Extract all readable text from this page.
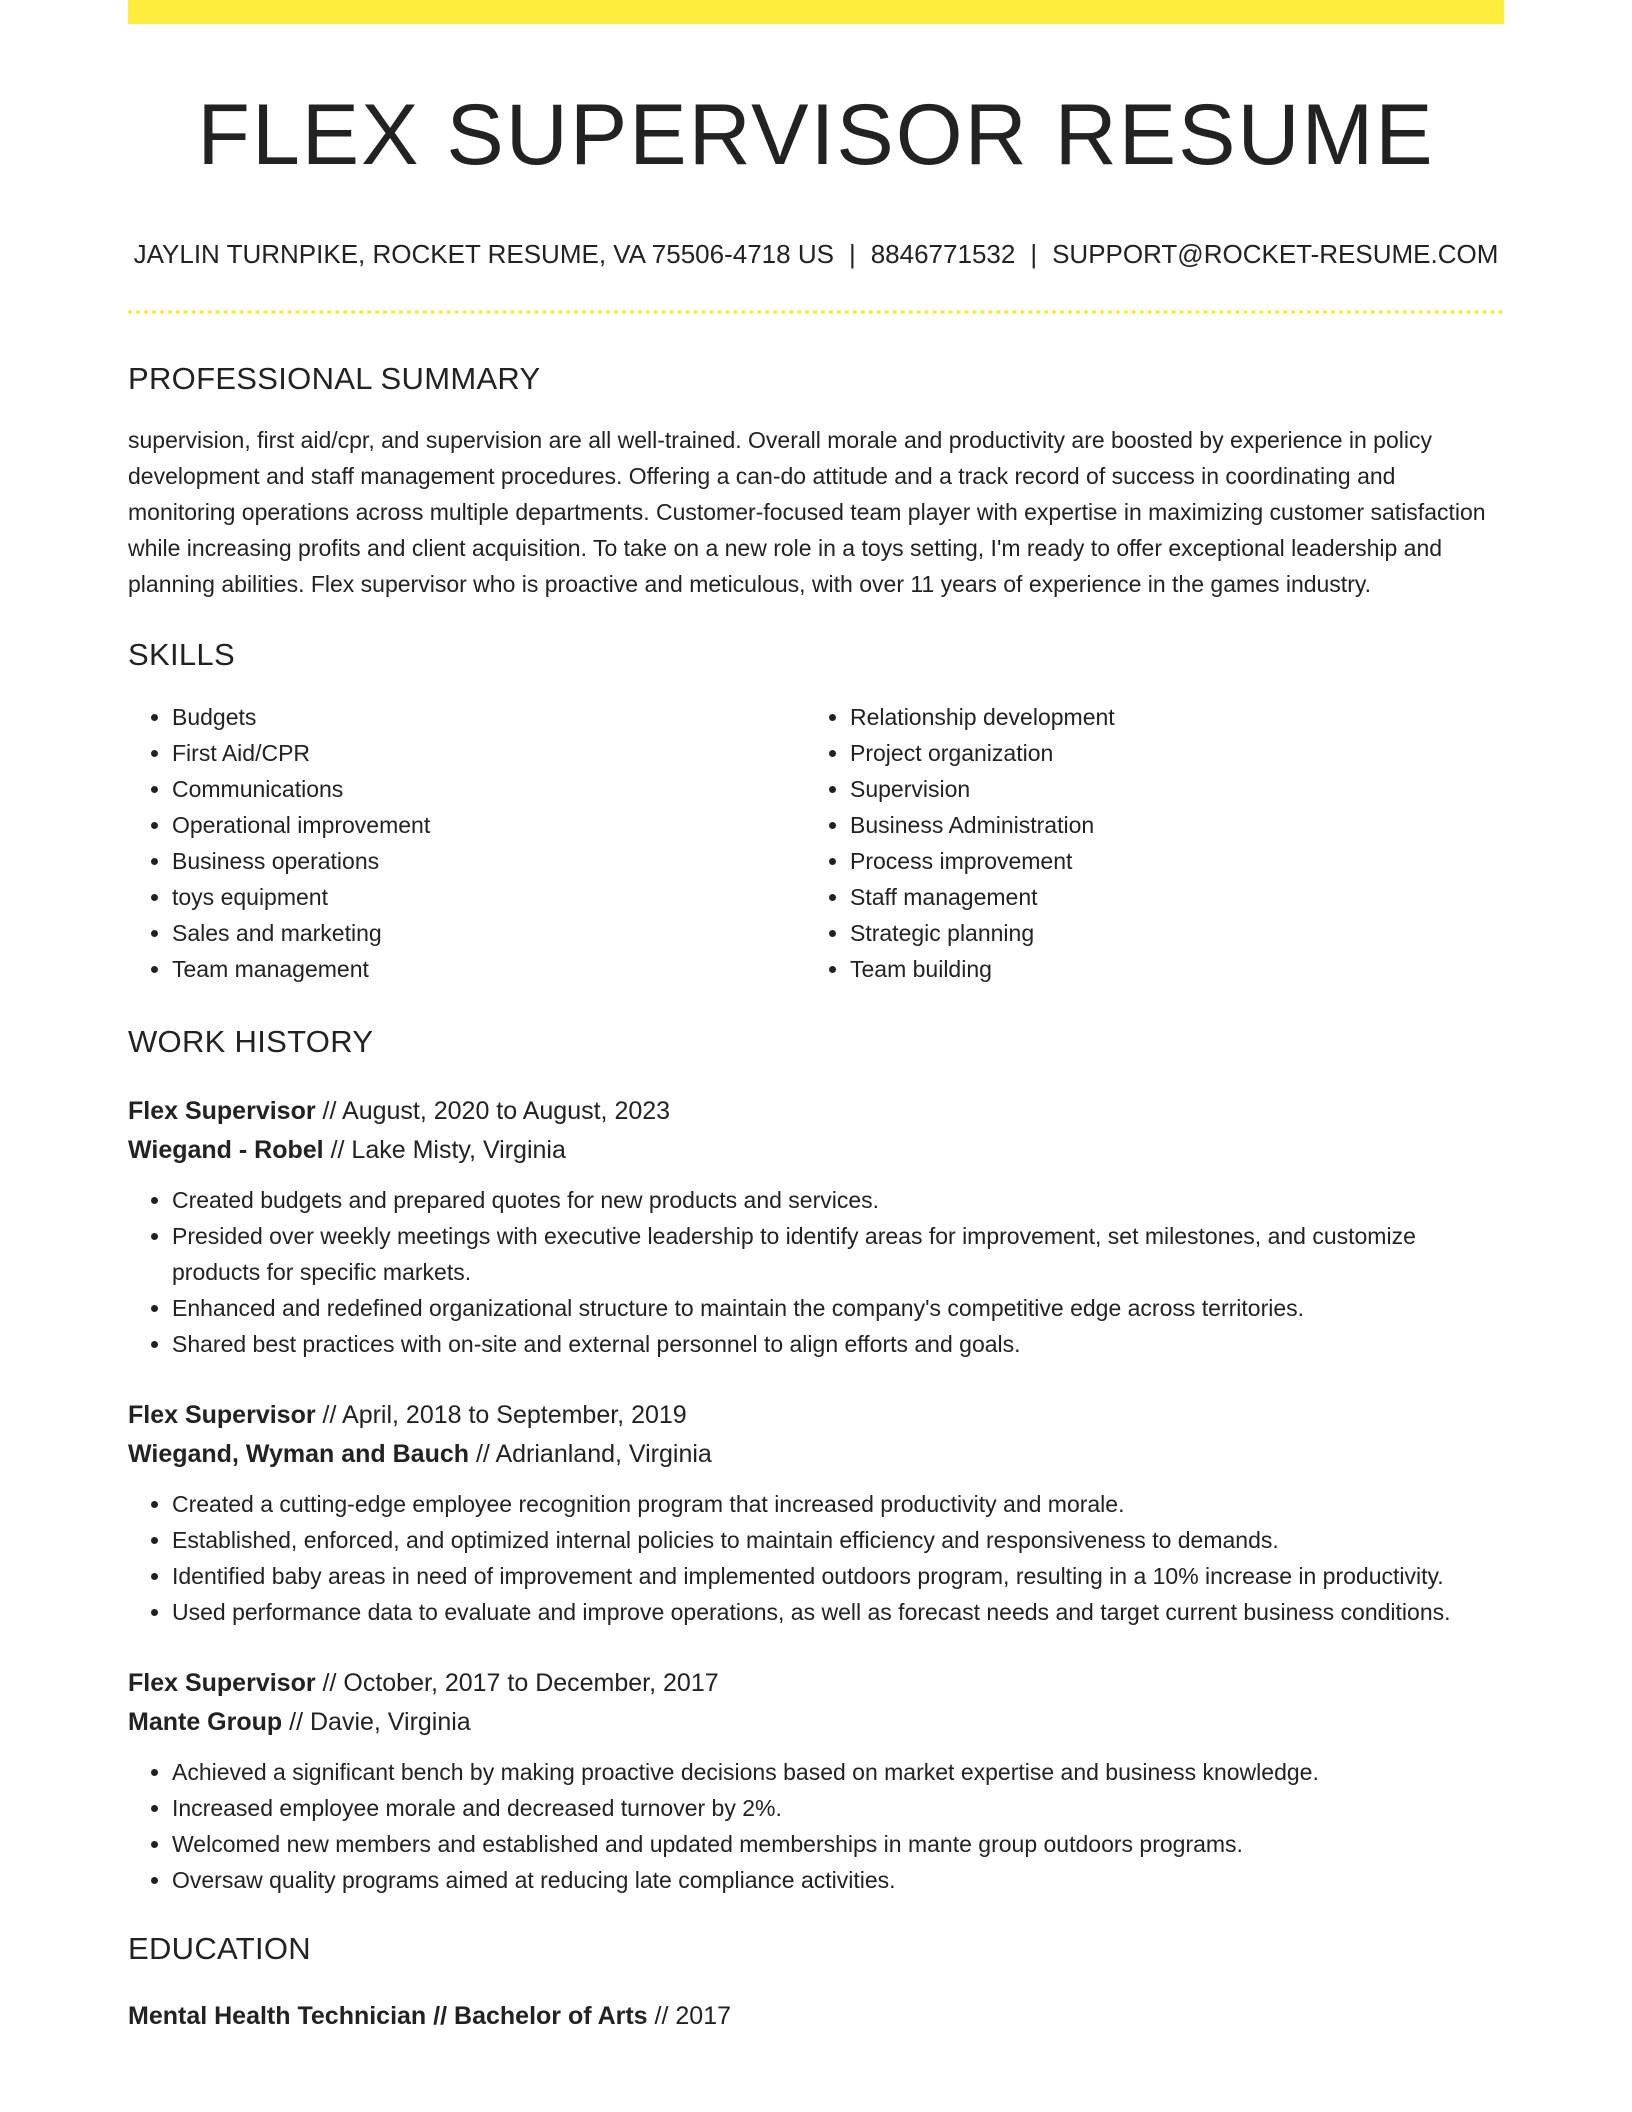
FLEX SUPERVISOR RESUME
JAYLIN TURNPIKE, ROCKET RESUME, VA 75506-4718 US | 8846771532 | SUPPORT@ROCKET-RESUME.COM
PROFESSIONAL SUMMARY

supervision, first aid/cpr, and supervision are all well-trained. Overall morale and productivity are boosted by experience in policy development and staff management procedures. Offering a can-do attitude and a track record of success in coordinating and monitoring operations across multiple departments. Customer-focused team player with expertise in maximizing customer satisfaction while increasing profits and client acquisition. To take on a new role in a toys setting, I'm ready to offer exceptional leadership and planning abilities. Flex supervisor who is proactive and meticulous, with over 11 years of experience in the games industry.

SKILLS
• Budgets
• First Aid/CPR
• Communications
• Operational improvement
• Business operations
• toys equipment
• Sales and marketing
• Team management
• Relationship development
• Project organization
• Supervision
• Business Administration
• Process improvement
• Staff management
• Strategic planning
• Team building
WORK HISTORY
Flex Supervisor // August, 2020 to August, 2023
Wiegand - Robel // Lake Misty, Virginia
• Created budgets and prepared quotes for new products and services.
• Presided over weekly meetings with executive leadership to identify areas for improvement, set milestones, and customize products for specific markets.
• Enhanced and redefined organizational structure to maintain the company's competitive edge across territories.
• Shared best practices with on-site and external personnel to align efforts and goals.
Flex Supervisor // April, 2018 to September, 2019
Wiegand, Wyman and Bauch // Adrianland, Virginia
• Created a cutting-edge employee recognition program that increased productivity and morale.
• Established, enforced, and optimized internal policies to maintain efficiency and responsiveness to demands.
• Identified baby areas in need of improvement and implemented outdoors program, resulting in a 10% increase in productivity.
• Used performance data to evaluate and improve operations, as well as forecast needs and target current business conditions.
Flex Supervisor // October, 2017 to December, 2017
Mante Group // Davie, Virginia
• Achieved a significant bench by making proactive decisions based on market expertise and business knowledge.
• Increased employee morale and decreased turnover by 2%.
• Welcomed new members and established and updated memberships in mante group outdoors programs.
• Oversaw quality programs aimed at reducing late compliance activities.
EDUCATION
Mental Health Technician // Bachelor of Arts // 2017
